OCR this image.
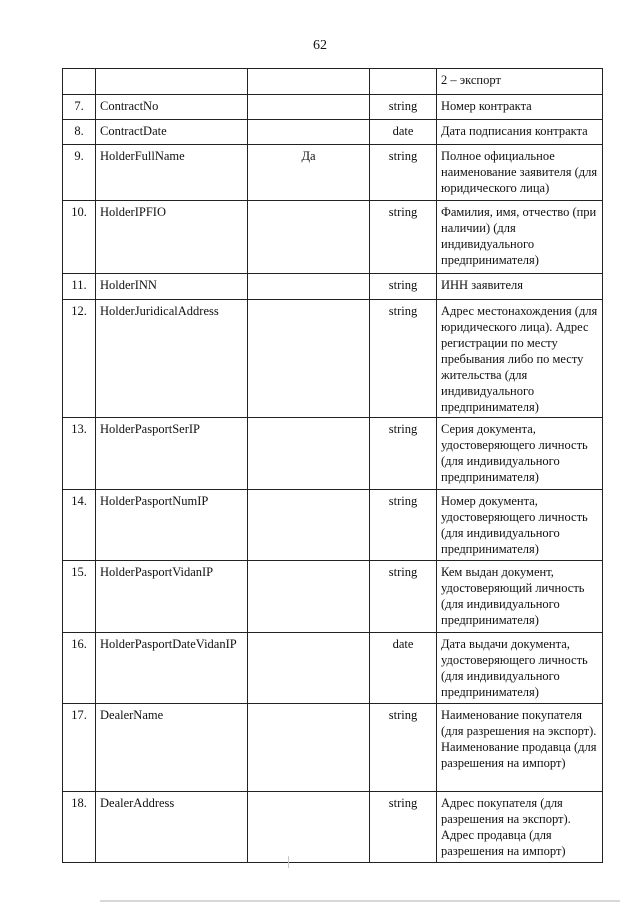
62
				2 – экспорт
7.	ContractNo		string	Номер контракта
8.	ContractDate		date	Дата подписания контракта
9.	HolderFullName	Да	string	Полное официальное наименование заявителя (для юридического лица)
10.	HolderIPFIO		string	Фамилия, имя, отчество (при наличии) (для индивидуального предпринимателя)
11.	HolderINN		string	ИНН заявителя
12.	HolderJuridicalAddress		string	Адрес местонахождения (для юридического лица). Адрес регистрации по месту пребывания либо по месту жительства (для индивидуального предпринимателя)
13.	HolderPasportSerIP		string	Серия документа, удостоверяющего личность (для индивидуального предпринимателя)
14.	HolderPasportNumIP		string	Номер документа, удостоверяющего личность (для индивидуального предпринимателя)
15.	HolderPasportVidanIP		string	Кем выдан документ, удостоверяющий личность (для индивидуального предпринимателя)
16.	HolderPasportDateVidanIP		date	Дата выдачи документа, удостоверяющего личность (для индивидуального предпринимателя)
17.	DealerName		string	Наименование покупателя (для разрешения на экспорт). Наименование продавца (для разрешения на импорт)
18.	DealerAddress		string	Адрес покупателя (для разрешения на экспорт). Адрес продавца (для разрешения на импорт)
